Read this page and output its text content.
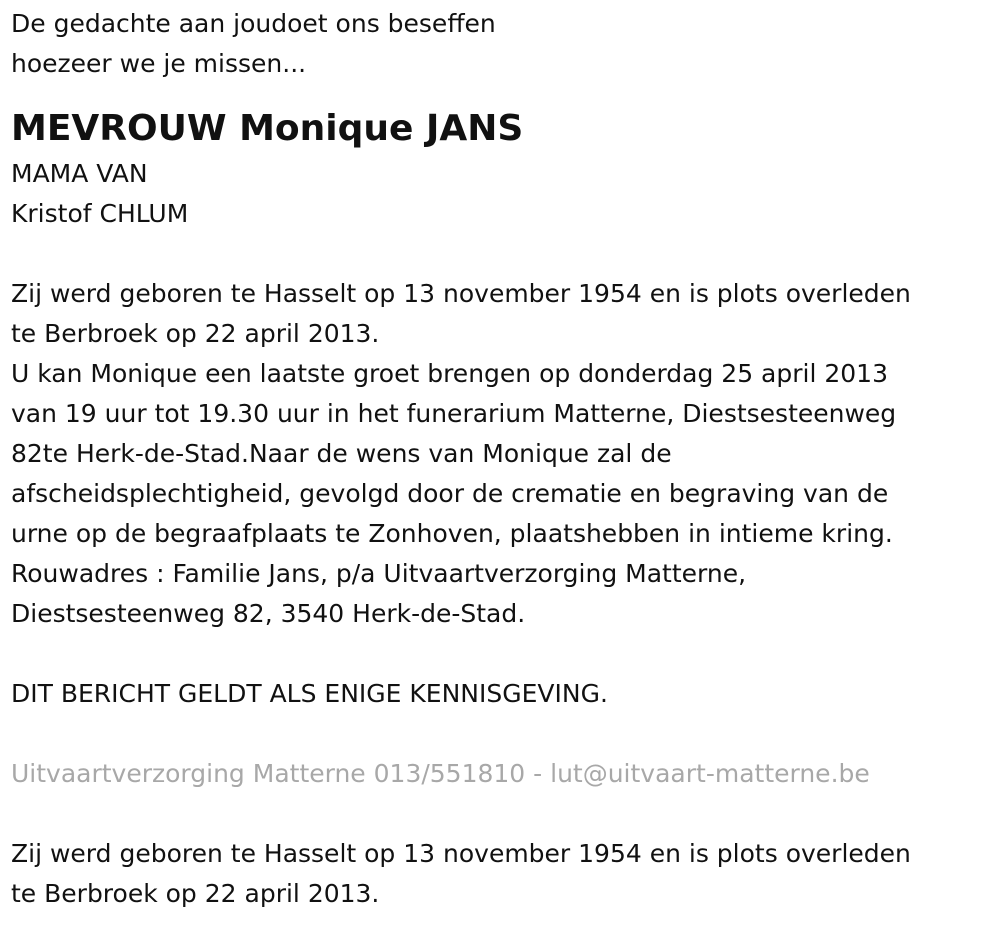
De gedachte aan joudoet ons beseffen

hoezeer we je missen...

MEVROUW Monique JANS

MAMA VAN

Kristof CHLUM

Zij werd geboren te Hasselt op 13 november 1954 en is plots overleden

te Berbroek op 22 april 2013.

U kan Monique een laatste groet brengen op donderdag 25 april 2013

van 19 uur tot 19.30 uur in het funerarium Matterne, Diestsesteenweg

82te Herk-de-Stad.Naar de wens van Monique zal de

afscheidsplechtigheid, gevolgd door de crematie en begraving van de

urne op de begraafplaats te Zonhoven, plaatshebben in intieme kring.

Rouwadres : Familie Jans, p/a Uitvaartverzorging Matterne,

Diestsesteenweg 82, 3540 Herk-de-Stad.

DIT BERICHT GELDT ALS ENIGE KENNISGEVING.

Uitvaartverzorging Matterne 013/551810 - lut@uitvaart-matterne.be

Zij werd geboren te Hasselt op 13 november 1954 en is plots overleden

te Berbroek op 22 april 2013.
